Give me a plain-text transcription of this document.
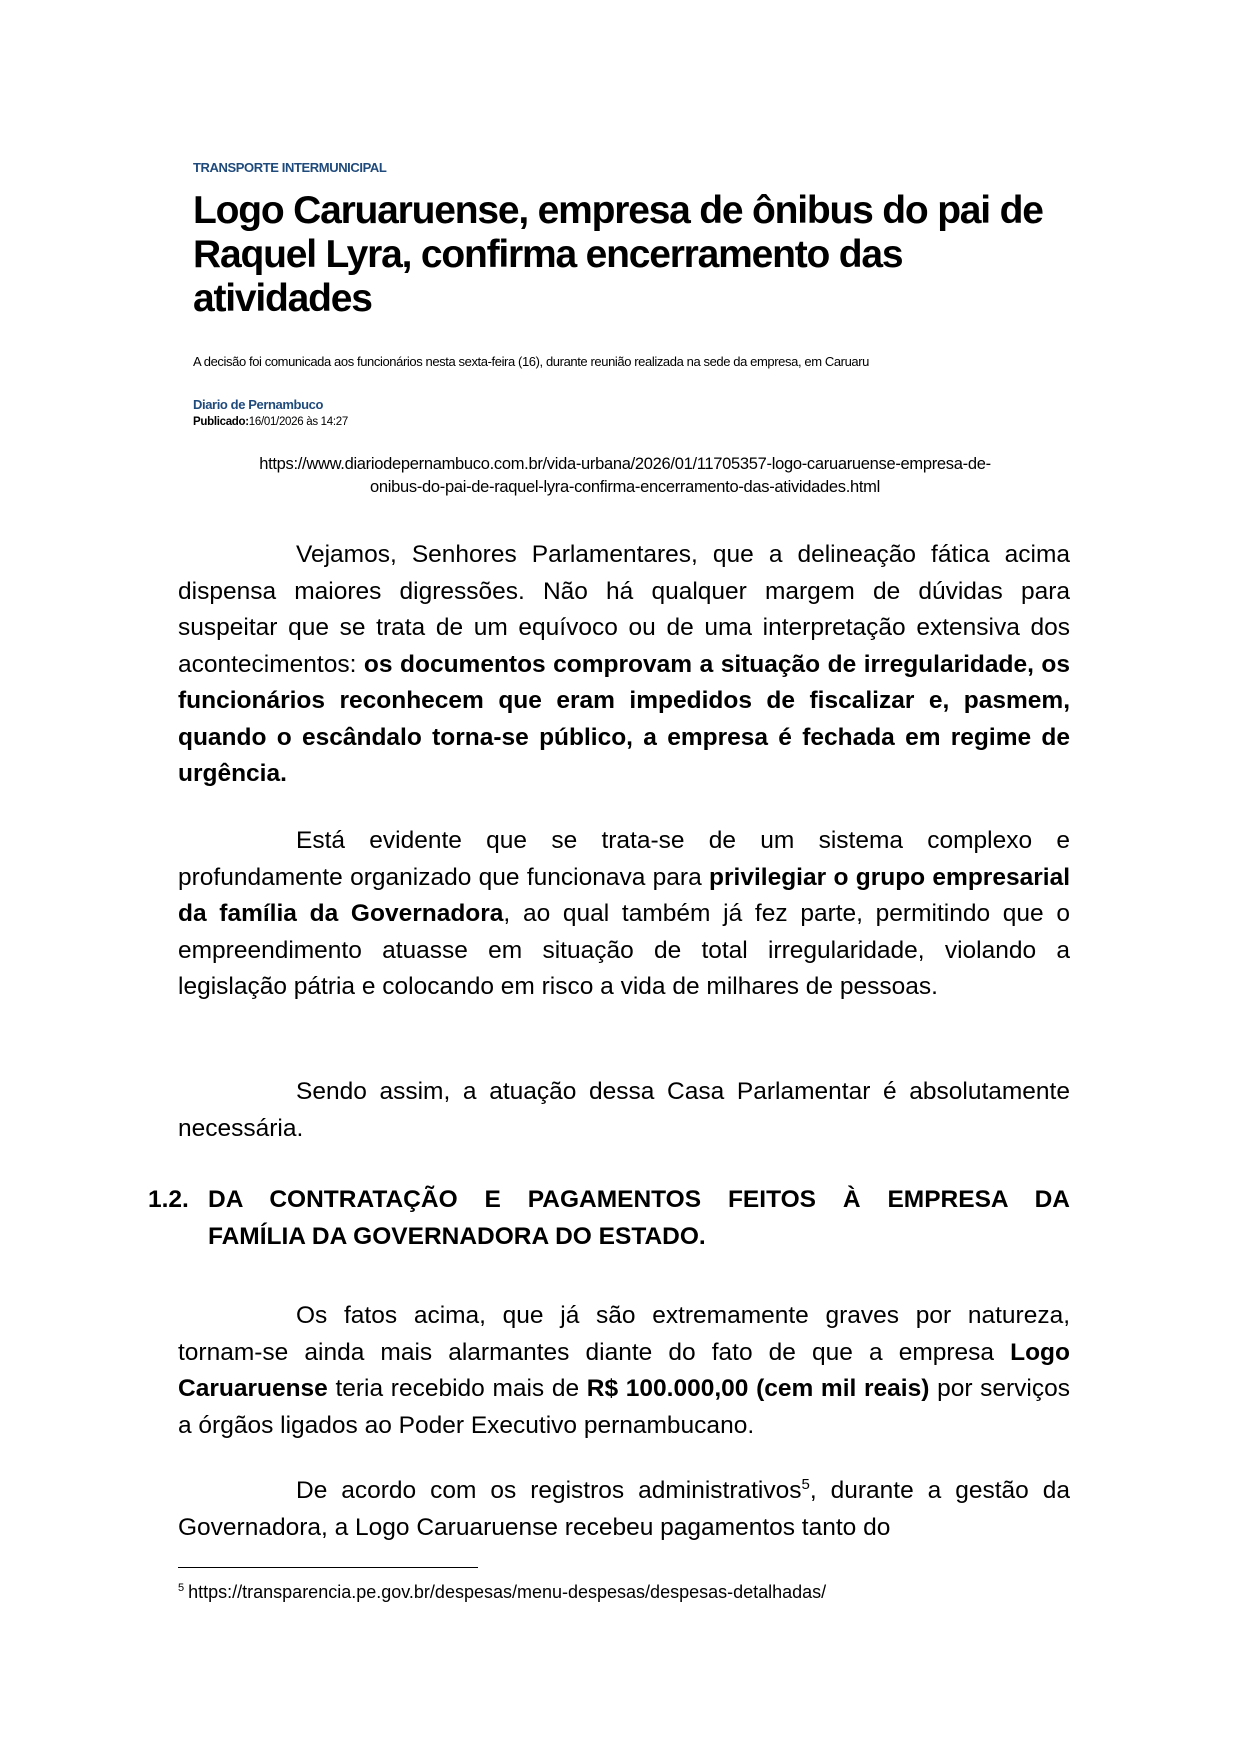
TRANSPORTE INTERMUNICIPAL

Logo Caruaruense, empresa de ônibus do pai de Raquel Lyra, confirma encerramento das atividades

A decisão foi comunicada aos funcionários nesta sexta-feira (16), durante reunião realizada na sede da empresa, em Caruaru

Diario de Pernambuco

Publicado:16/01/2026 às 14:27

https://www.diariodepernambuco.com.br/vida-urbana/2026/01/11705357-logo-caruaruense-empresa-de-
onibus-do-pai-de-raquel-lyra-confirma-encerramento-das-atividades.html

Vejamos, Senhores Parlamentares, que a delineação fática acima dispensa maiores digressões. Não há qualquer margem de dúvidas para suspeitar que se trata de um equívoco ou de uma interpretação extensiva dos acontecimentos: os documentos comprovam a situação de irregularidade, os funcionários reconhecem que eram impedidos de fiscalizar e, pasmem, quando o escândalo torna-se público, a empresa é fechada em regime de urgência.

Está evidente que se trata-se de um sistema complexo e profundamente organizado que funcionava para privilegiar o grupo empresarial da família da Governadora, ao qual também já fez parte, permitindo que o empreendimento atuasse em situação de total irregularidade, violando a legislação pátria e colocando em risco a vida de milhares de pessoas.

Sendo assim, a atuação dessa Casa Parlamentar é absolutamente necessária.

1.2. DA CONTRATAÇÃO E PAGAMENTOS FEITOS À EMPRESA DA
FAMÍLIA DA GOVERNADORA DO ESTADO.

Os fatos acima, que já são extremamente graves por natureza, tornam-se ainda mais alarmantes diante do fato de que a empresa Logo Caruaruense teria recebido mais de R$ 100.000,00 (cem mil reais) por serviços a órgãos ligados ao Poder Executivo pernambucano.

De acordo com os registros administrativos$^5$, durante a gestão da Governadora, a Logo Caruaruense recebeu pagamentos tanto do

$^5$ https://transparencia.pe.gov.br/despesas/menu-despesas/despesas-detalhadas/
